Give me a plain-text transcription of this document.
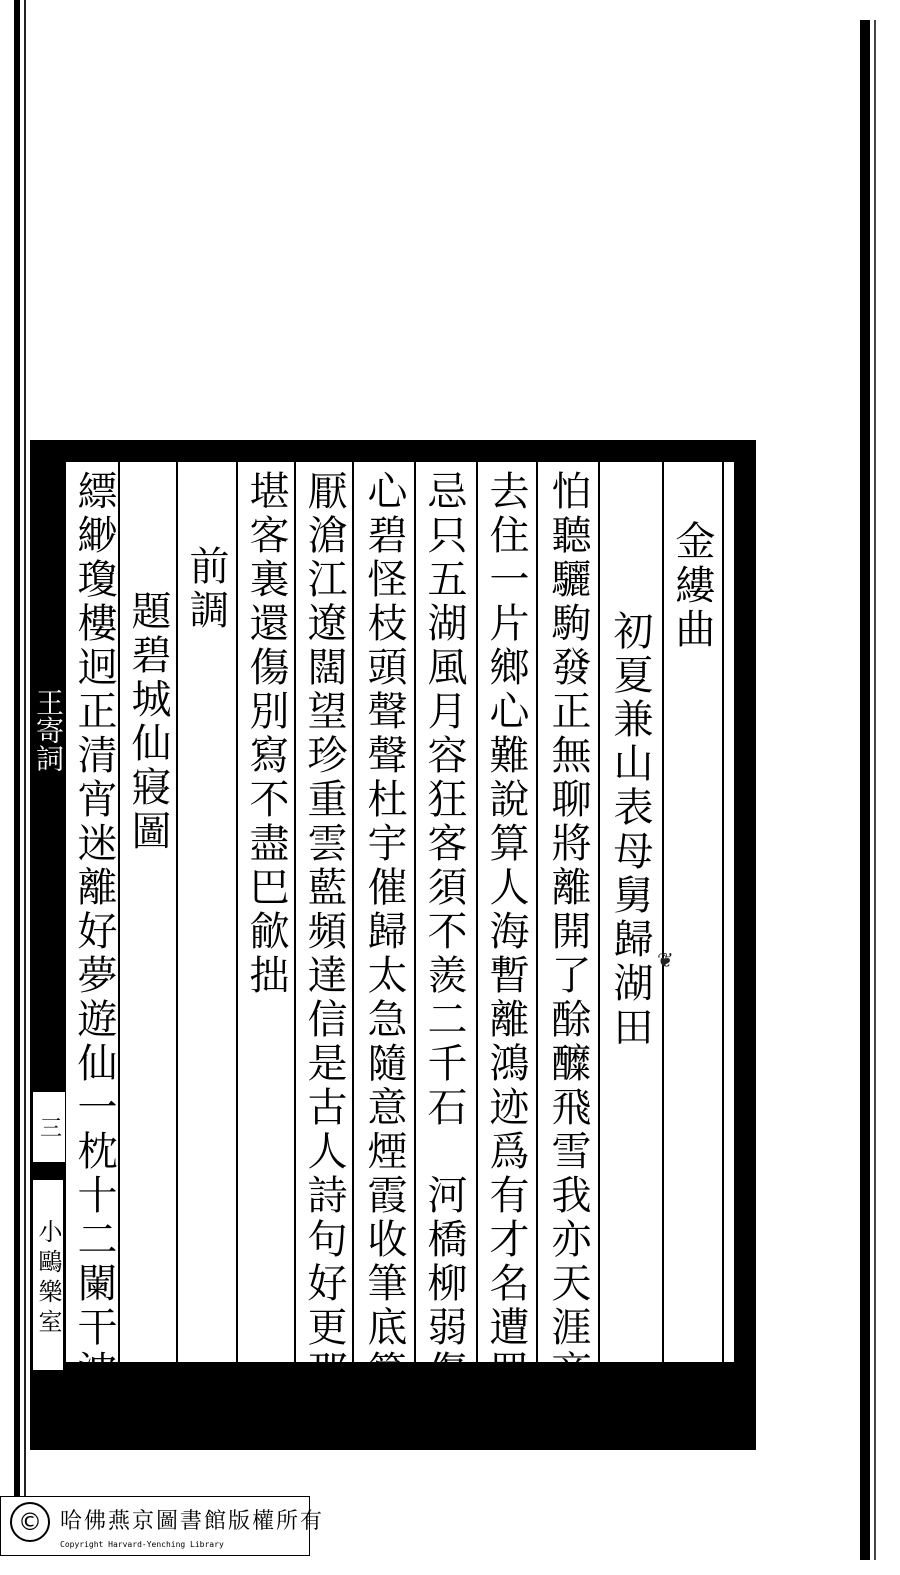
王寄詞
三
小鷗樂室
金縷曲
初夏兼山表母舅歸湖田
怕聽驪駒發正無聊將離開了酴醾飛雪我亦天涯商
去住一片鄉心難說算人海暫離鴻迹爲有才名遭眾
忌只五湖風月容狂客須不羨二千石　河橋柳弱傷
心碧怪枝頭聲聲杜宇催歸太急隨意煙霞收筆底算
厭滄江遼闊望珍重雲藍頻達信是古人詩句好更那
堪客裏還傷別寫不盡巴歈拙
前調
題碧城仙寢圖
縹緲瓊樓迥正清宵迷離好夢遊仙一枕十二闌干波	❦
© 哈佛燕京圖書館版權所有
Copyright Harvard-Yenching Library
